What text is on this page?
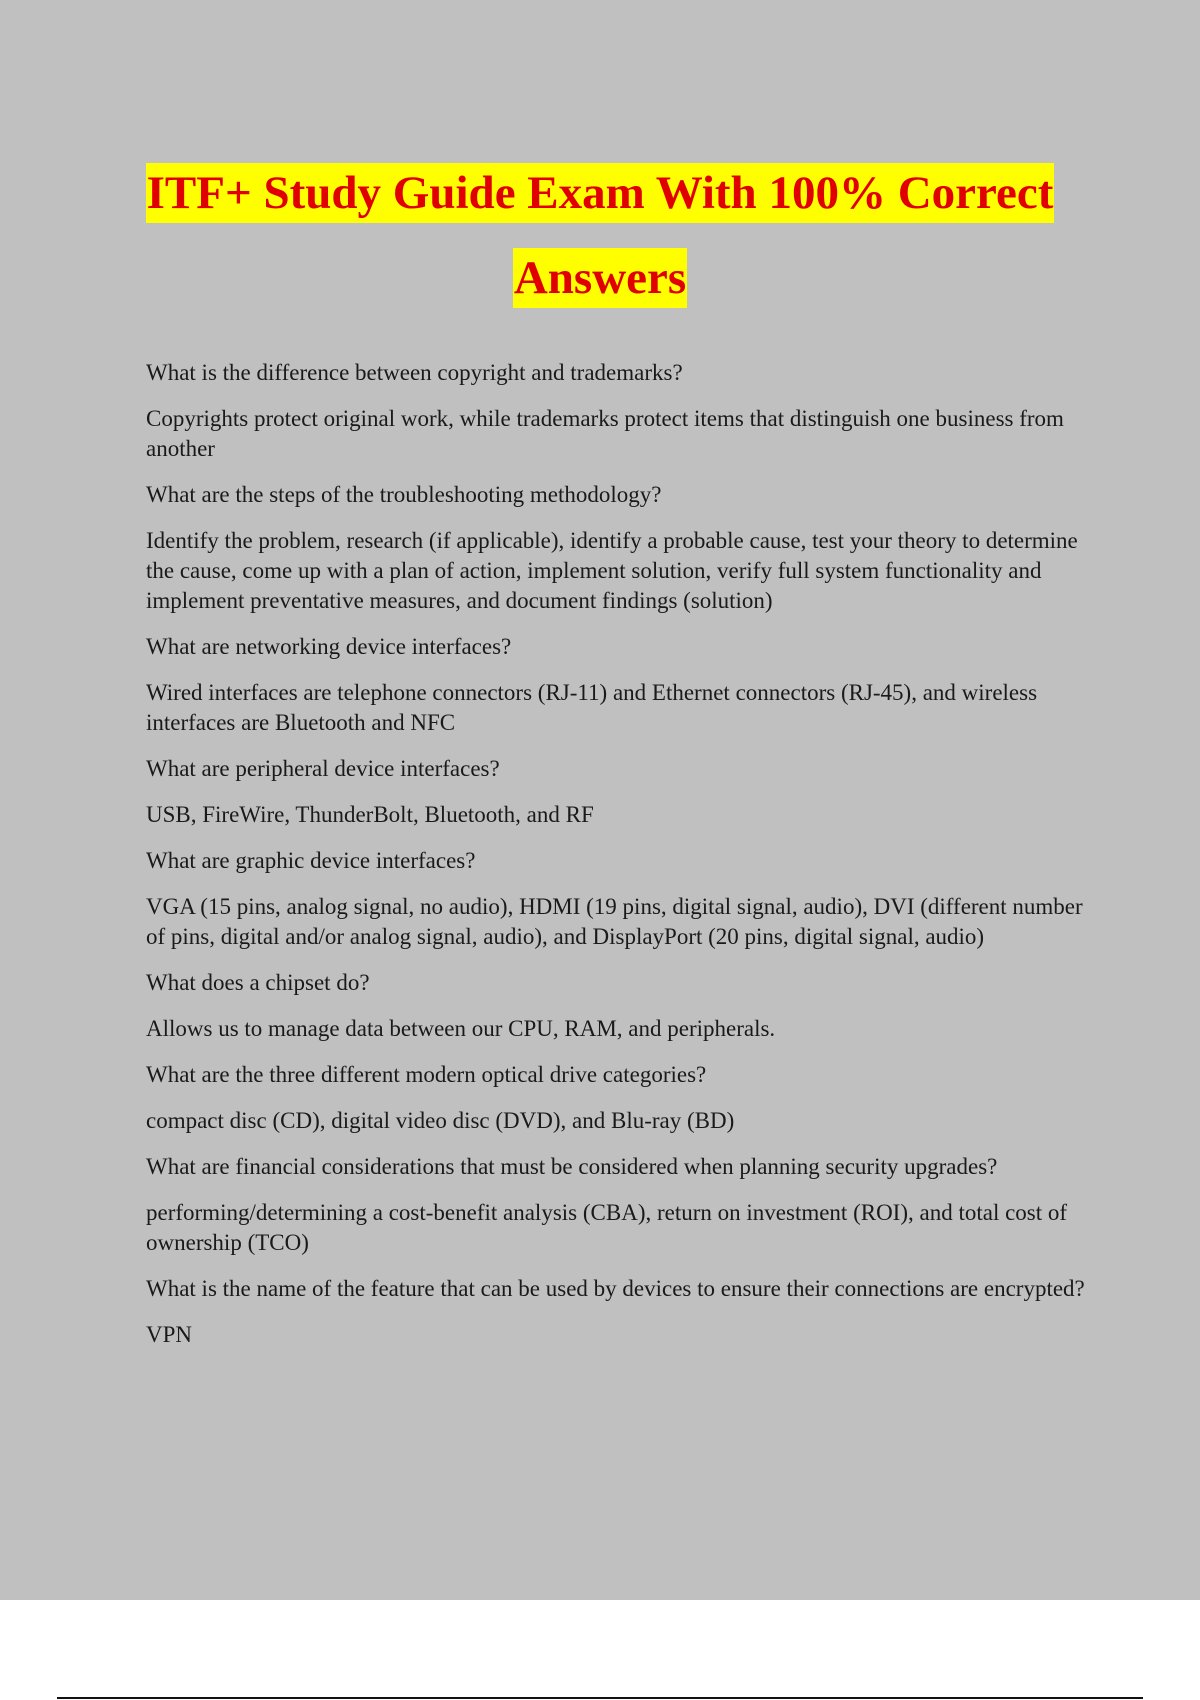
ITF+ Study Guide Exam With 100% Correct
Answers

What is the difference between copyright and trademarks?

Copyrights protect original work, while trademarks protect items that distinguish one business from another

What are the steps of the troubleshooting methodology?

Identify the problem, research (if applicable), identify a probable cause, test your theory to determine the cause, come up with a plan of action, implement solution, verify full system functionality and implement preventative measures, and document findings (solution)

What are networking device interfaces?

Wired interfaces are telephone connectors (RJ-11) and Ethernet connectors (RJ-45), and wireless interfaces are Bluetooth and NFC

What are peripheral device interfaces?

USB, FireWire, ThunderBolt, Bluetooth, and RF

What are graphic device interfaces?

VGA (15 pins, analog signal, no audio), HDMI (19 pins, digital signal, audio), DVI (different number of pins, digital and/or analog signal, audio), and DisplayPort (20 pins, digital signal, audio)

What does a chipset do?

Allows us to manage data between our CPU, RAM, and peripherals.

What are the three different modern optical drive categories?

compact disc (CD), digital video disc (DVD), and Blu-ray (BD)

What are financial considerations that must be considered when planning security upgrades?

performing/determining a cost-benefit analysis (CBA), return on investment (ROI), and total cost of ownership (TCO)

What is the name of the feature that can be used by devices to ensure their connections are encrypted?

VPN
